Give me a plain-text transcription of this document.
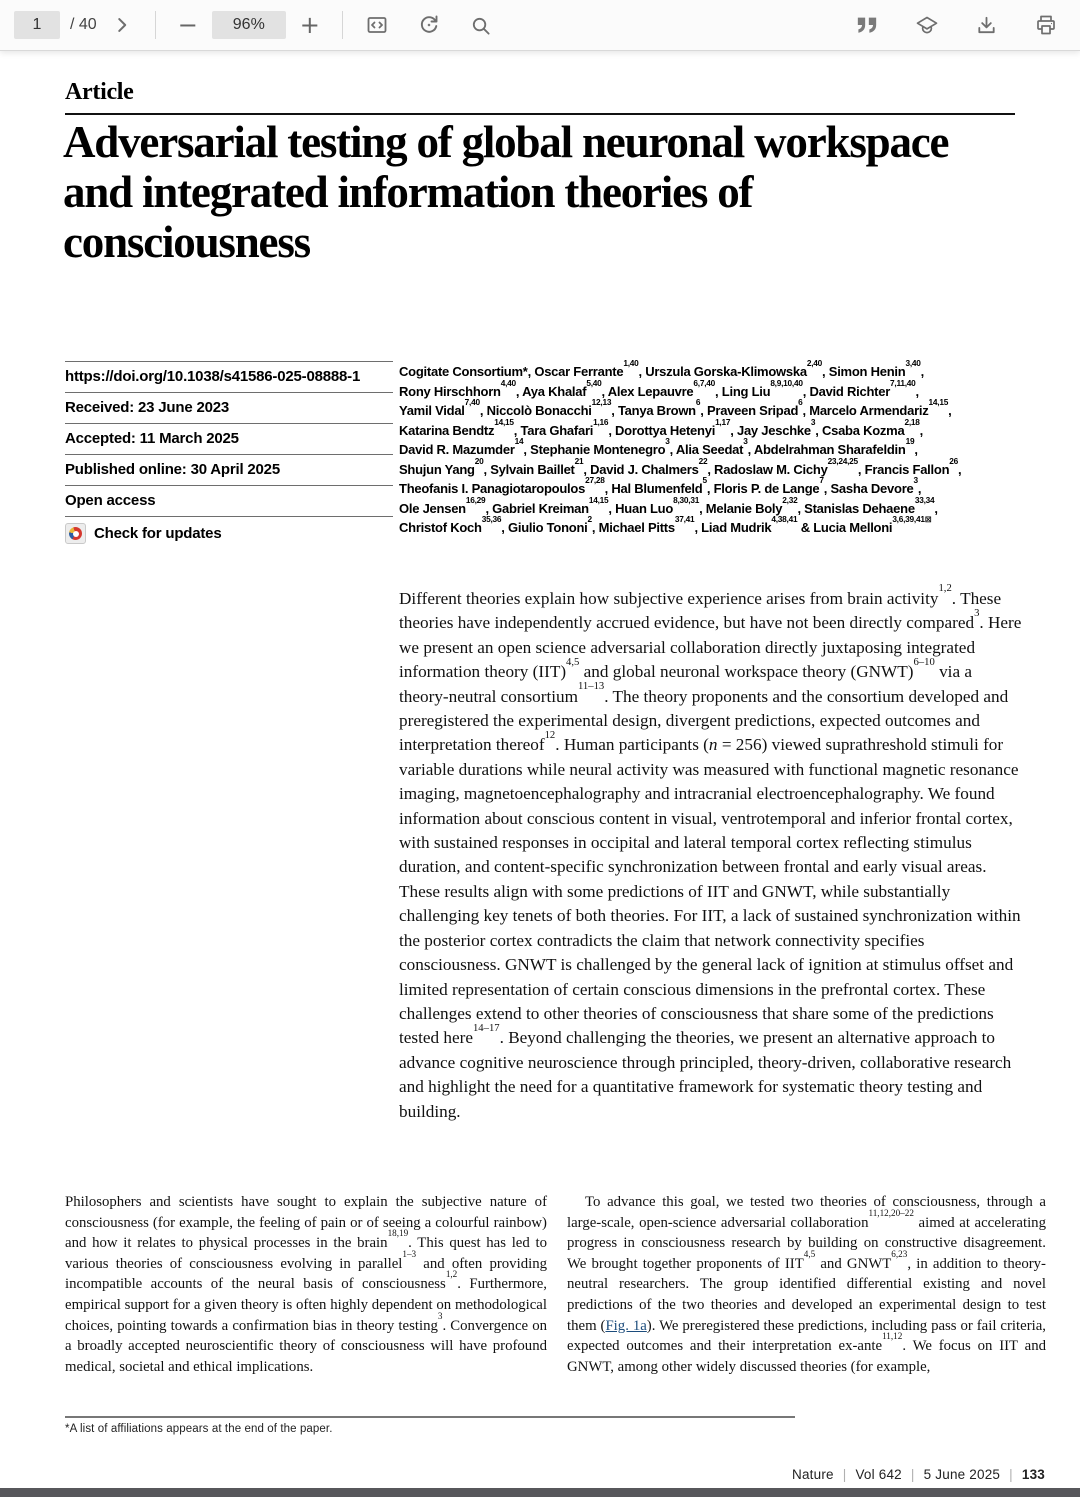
1	/ 40	−	96%	+
Article
Adversarial testing of global neuronal workspace and integrated information theories of consciousness
https://doi.org/10.1038/s41586-025-08888-1
Received: 23 June 2023
Accepted: 11 March 2025
Published online: 30 April 2025
Open access
Check for updates
Cogitate Consortium*, Oscar Ferrante$^{1,40}$, Urszula Gorska-Klimowska$^{2,40}$, Simon Henin$^{3,40}$,
Rony Hirschhorn$^{4,40}$, Aya Khalaf$^{5,40}$, Alex Lepauvre$^{6,7,40}$, Ling Liu$^{8,9,10,40}$, David Richter$^{7,11,40}$,
Yamil Vidal$^{7,40}$, Niccolò Bonacchi$^{12,13}$, Tanya Brown$^6$, Praveen Sripad$^6$, Marcelo Armendariz$^{14,15}$,
Katarina Bendtz$^{14,15}$, Tara Ghafari$^{1,16}$, Dorottya Hetenyi$^{1,17}$, Jay Jeschke$^3$, Csaba Kozma$^{2,18}$,
David R. Mazumder$^{14}$, Stephanie Montenegro$^3$, Alia Seedat$^3$, Abdelrahman Sharafeldin$^{19}$,
Shujun Yang$^{20}$, Sylvain Baillet$^{21}$, David J. Chalmers$^{22}$, Radoslaw M. Cichy$^{23,24,25}$, Francis Fallon$^{26}$,
Theofanis I. Panagiotaropoulos$^{27,28}$, Hal Blumenfeld$^5$, Floris P. de Lange$^7$, Sasha Devore$^3$,
Ole Jensen$^{16,29}$, Gabriel Kreiman$^{14,15}$, Huan Luo$^{8,30,31}$, Melanie Boly$^{2,32}$, Stanislas Dehaene$^{33,34}$,
Christof Koch$^{35,36}$, Giulio Tononi$^2$, Michael Pitts$^{37,41}$, Liad Mudrik$^{4,38,41}$ & Lucia Melloni$^{3,6,39,41⊠}$
Different theories explain how subjective experience arises from brain activity$^{1,2}$. These theories have independently accrued evidence, but have not been directly compared$^3$. Here we present an open science adversarial collaboration directly juxtaposing integrated information theory (IIT)$^{4,5}$ and global neuronal workspace theory (GNWT)$^{6-10}$ via a theory-neutral consortium$^{11-13}$. The theory proponents and the consortium developed and preregistered the experimental design, divergent predictions, expected outcomes and interpretation thereof$^{12}$. Human participants (n = 256) viewed suprathreshold stimuli for variable durations while neural activity was measured with functional magnetic resonance imaging, magnetoencephalography and intracranial electroencephalography. We found information about conscious content in visual, ventrotemporal and inferior frontal cortex, with sustained responses in occipital and lateral temporal cortex reflecting stimulus duration, and content-specific synchronization between frontal and early visual areas. These results align with some predictions of IIT and GNWT, while substantially challenging key tenets of both theories. For IIT, a lack of sustained synchronization within the posterior cortex contradicts the claim that network connectivity specifies consciousness. GNWT is challenged by the general lack of ignition at stimulus offset and limited representation of certain conscious dimensions in the prefrontal cortex. These challenges extend to other theories of consciousness that share some of the predictions tested here$^{14-17}$. Beyond challenging the theories, we present an alternative approach to advance cognitive neuroscience through principled, theory-driven, collaborative research and highlight the need for a quantitative framework for systematic theory testing and building.
Philosophers and scientists have sought to explain the subjective nature of consciousness (for example, the feeling of pain or of seeing a colourful rainbow) and how it relates to physical processes in the brain$^{18,19}$. This quest has led to various theories of consciousness evolving in parallel$^{1-3}$ and often providing incompatible accounts of the neural basis of consciousness$^{1,2}$. Furthermore, empirical support for a given theory is often highly dependent on methodological choices, pointing towards a confirmation bias in theory testing$^3$. Convergence on a broadly accepted neuroscientific theory of consciousness will have profound medical, societal and ethical implications.
To advance this goal, we tested two theories of consciousness, through a large-scale, open-science adversarial collaboration$^{11,12,20-22}$ aimed at accelerating progress in consciousness research by building on constructive disagreement. We brought together proponents of IIT$^{4,5}$ and GNWT$^{6,23}$, in addition to theory-neutral researchers. The group identified differential existing and novel predictions of the two theories and developed an experimental design to test them (Fig. 1a). We preregistered these predictions, including pass or fail criteria, expected outcomes and their interpretation ex-ante$^{11,12}$. We focus on IIT and GNWT, among other widely discussed theories (for example,
*A list of affiliations appears at the end of the paper.
Nature | Vol 642 | 5 June 2025 | 133
